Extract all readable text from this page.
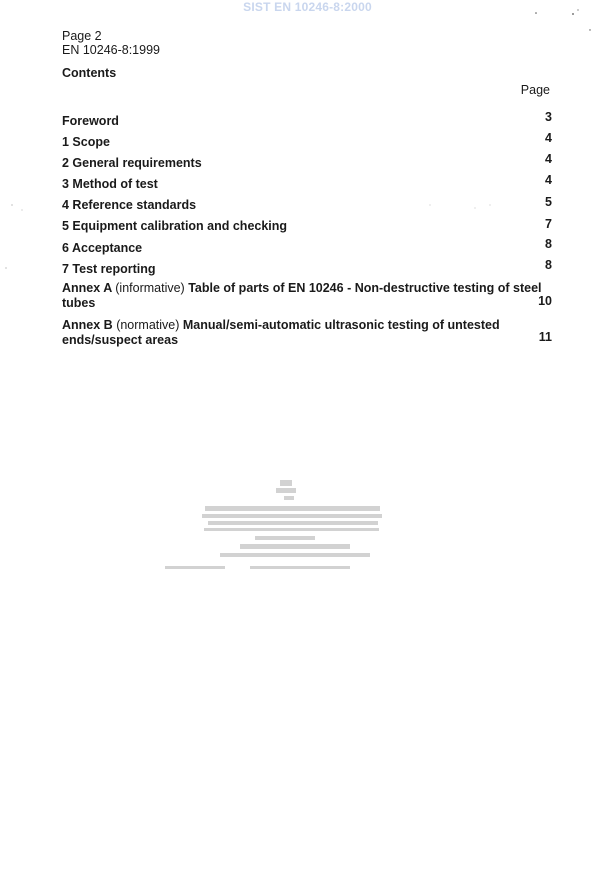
SIST EN 10246-8:2000
Page 2
EN 10246-8:1999
Contents
Page
Foreword	3
1 Scope	4
2 General requirements	4
3 Method of test	4
4 Reference standards	5
5 Equipment calibration and checking	7
6 Acceptance	8
7 Test reporting	8
Annex A (informative) Table of parts of EN 10246 - Non-destructive testing of steel
tubes	10
Annex B (normative) Manual/semi-automatic ultrasonic testing of untested
ends/suspect areas	11
